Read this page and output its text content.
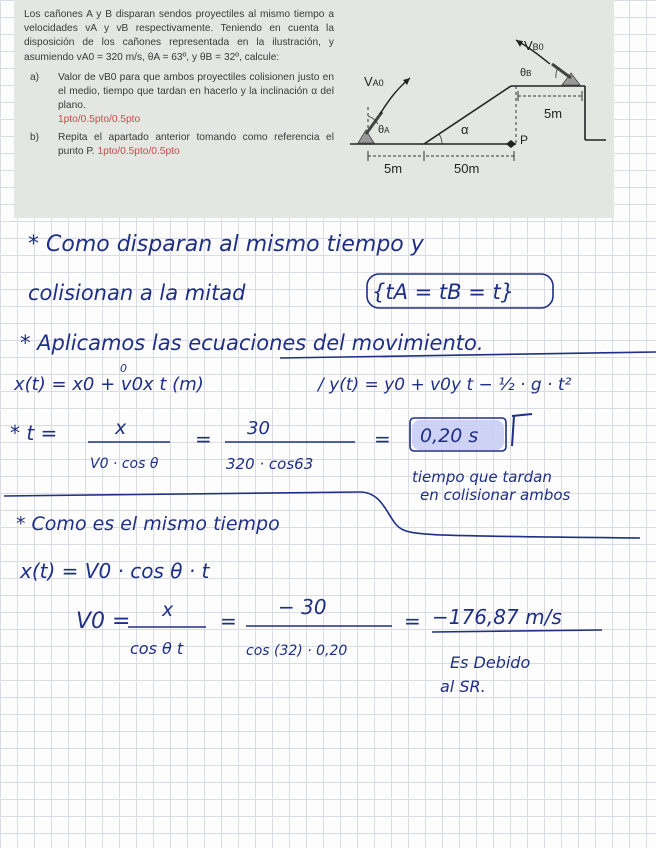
Los cañones A y B disparan sendos proyectiles al mismo tiempo a velocidades vA y vB respectivamente. Teniendo en cuenta la disposición de los cañones representada en la ilustración, y asumiendo vA0 = 320 m/s, θA = 63º, y θB = 32º, calcule:

a)	Valor de vB0 para que ambos proyectiles colisionen justo en el medio, tiempo que tardan en hacerlo y la inclinación α del plano.
1pto/0.5pto/0.5pto
b)	Repita el apartado anterior tomando como referencia el punto P. 1pto/0.5pto/0.5pto
VA0
VB0
θA
θB
α
P
5m	50m
5m
* Como disparan al mismo tiempo y
colisionan a la mitad	{tA = tB = t}
* Aplicamos las ecuaciones del movimiento.
x(t) = x0 + v0x t (m)
0
/ y(t) = y0 + v0y t − ½ · g · t²
* t =	x
V0 · cos θ
= 30
320 · cos63
= 0,20 s
tiempo que tardan
en colisionar ambos
* Como es el mismo tiempo
x(t) = V0 · cos θ · t
V0 = x
cos θ t
=
− 30
cos (32) · 0,20
= −176,87 m/s
Es Debido
al SR.
